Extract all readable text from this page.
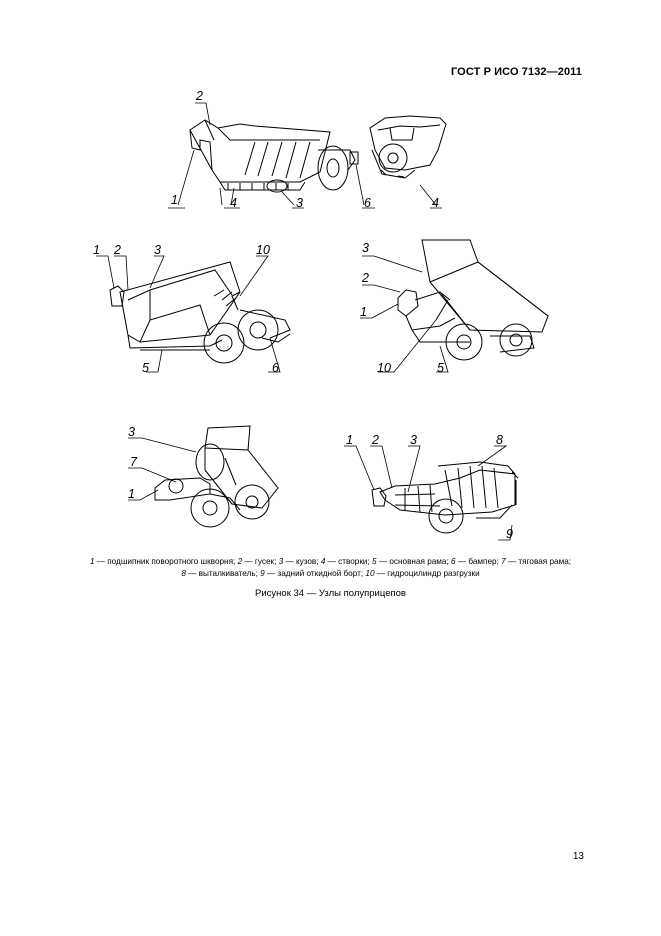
ГОСТ Р ИСО 7132—2011
1
2
4	3	6	4
1 2	3	10
5	6
3
2
1
10	5
3
7
1
1 2 3	8
9
1 — подшипник поворотного шкворня; 2 — гусек; 3 — кузов; 4 — створки; 5 — основная рама; 6 — бампер; 7 — тяговая рама;
8 — выталкиватель; 9 — задний откидной борт; 10 — гидроцилиндр разгрузки
Рисунок 34 — Узлы полуприцепов
13
